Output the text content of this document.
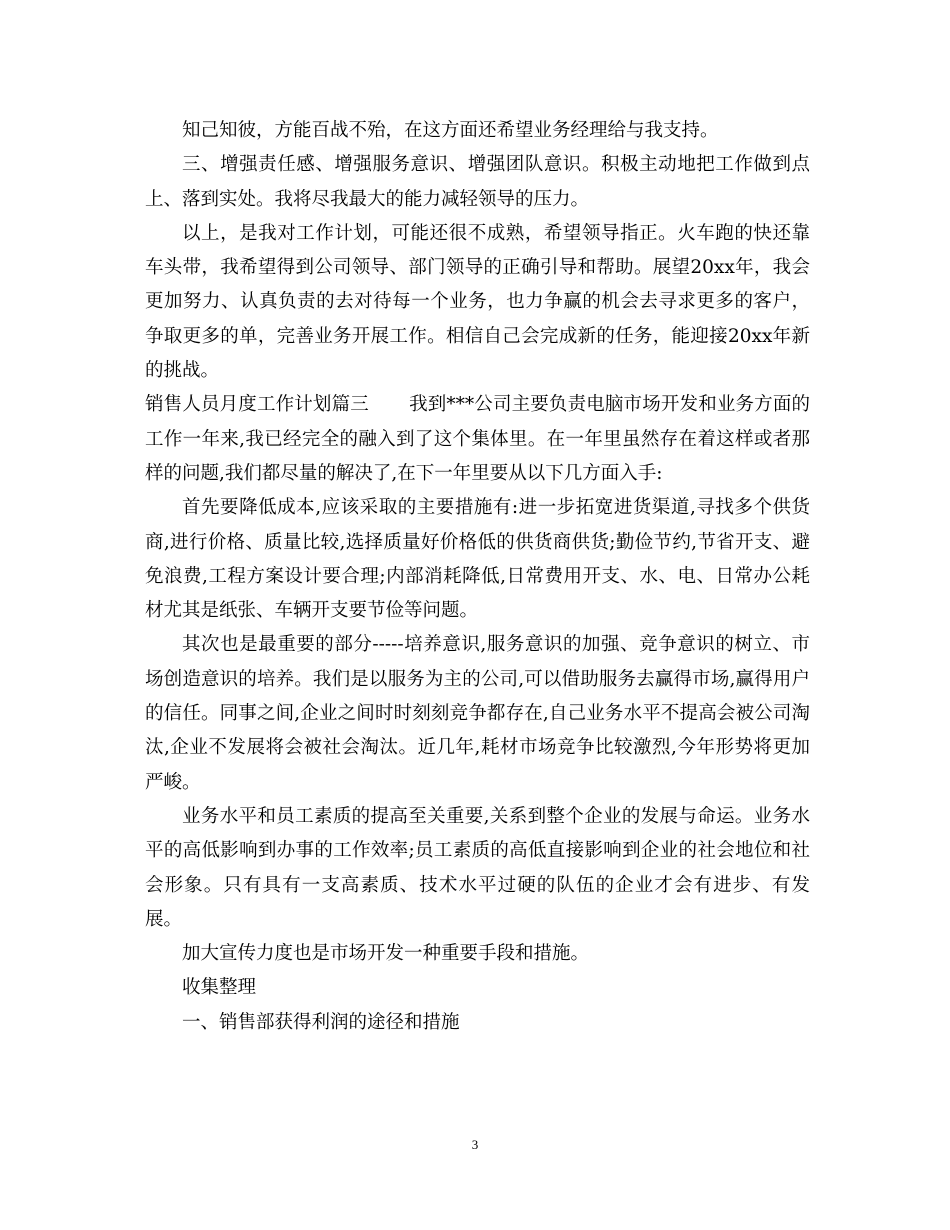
知己知彼，方能百战不殆，在这方面还希望业务经理给与我支持。

三、增强责任感、增强服务意识、增强团队意识。积极主动地把工作做到点上、落到实处。我将尽我最大的能力减轻领导的压力。

以上，是我对工作计划，可能还很不成熟，希望领导指正。火车跑的快还靠车头带，我希望得到公司领导、部门领导的正确引导和帮助。展望20xx年，我会更加努力、认真负责的去对待每一个业务，也力争赢的机会去寻求更多的客户，争取更多的单，完善业务开展工作。相信自己会完成新的任务，能迎接20xx年新的挑战。

销售人员月度工作计划篇三 我到***公司主要负责电脑市场开发和业务方面的工作一年来,我已经完全的融入到了这个集体里。在一年里虽然存在着这样或者那样的问题,我们都尽量的解决了,在下一年里要从以下几方面入手:

首先要降低成本,应该采取的主要措施有:进一步拓宽进货渠道,寻找多个供货商,进行价格、质量比较,选择质量好价格低的供货商供货;勤俭节约,节省开支、避免浪费,工程方案设计要合理;内部消耗降低,日常费用开支、水、电、日常办公耗材尤其是纸张、车辆开支要节俭等问题。

其次也是最重要的部分-----培养意识,服务意识的加强、竞争意识的树立、市场创造意识的培养。我们是以服务为主的公司,可以借助服务去赢得市场,赢得用户的信任。同事之间,企业之间时时刻刻竞争都存在,自己业务水平不提高会被公司淘汰,企业不发展将会被社会淘汰。近几年,耗材市场竞争比较激烈,今年形势将更加严峻。

业务水平和员工素质的提高至关重要,关系到整个企业的发展与命运。业务水平的高低影响到办事的工作效率;员工素质的高低直接影响到企业的社会地位和社会形象。只有具有一支高素质、技术水平过硬的队伍的企业才会有进步、有发展。

加大宣传力度也是市场开发一种重要手段和措施。

收集整理

一、销售部获得利润的途径和措施

3
